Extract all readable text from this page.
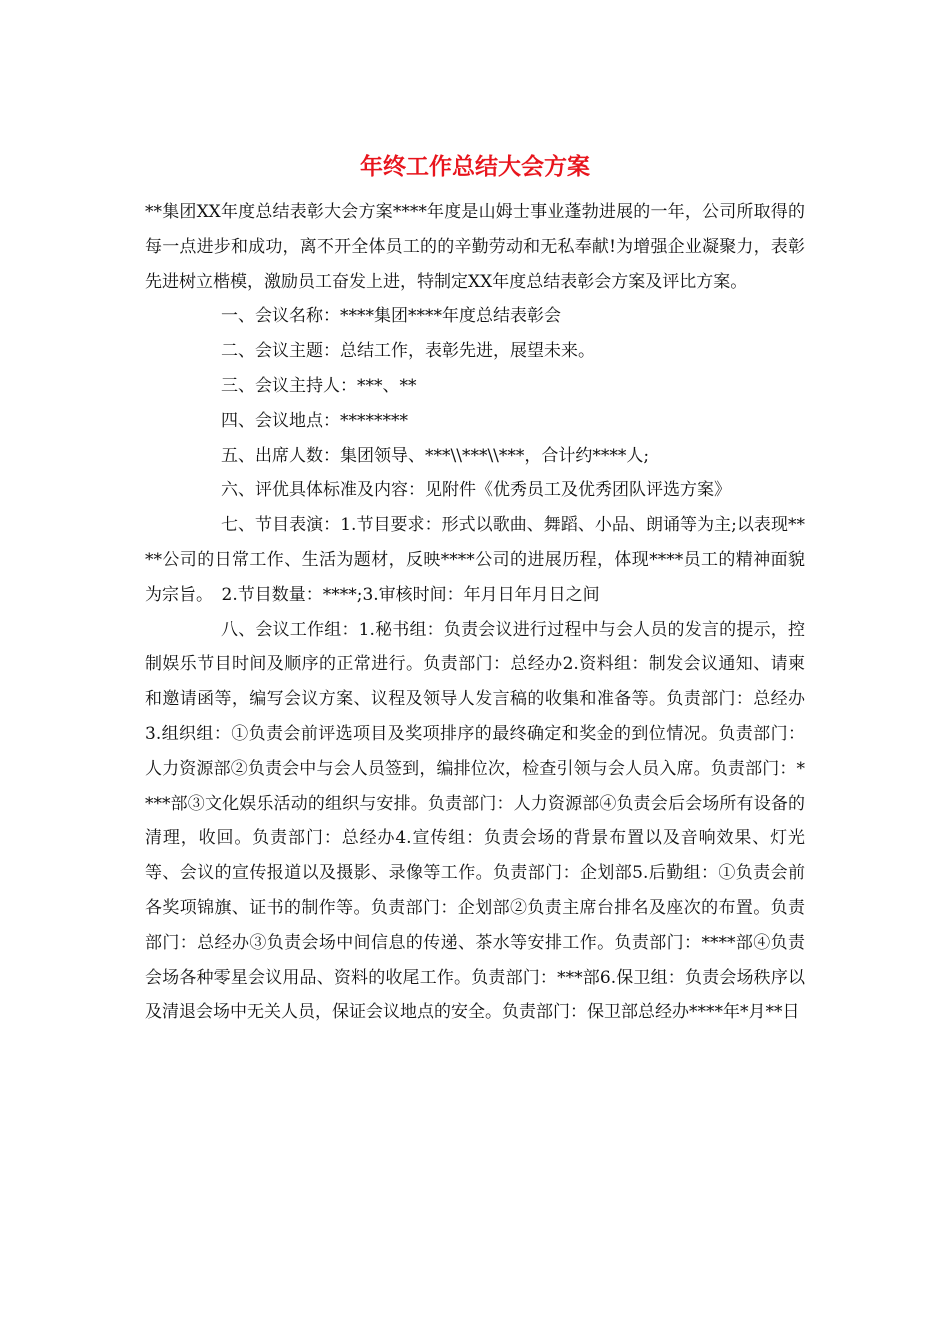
年终工作总结大会方案

**集团XX年度总结表彰大会方案****年度是山姆士事业蓬勃进展的一年，公司所取得的每一点进步和成功，离不开全体员工的的辛勤劳动和无私奉献!为增强企业凝聚力，表彰先进树立楷模，激励员工奋发上进，特制定XX年度总结表彰会方案及评比方案。

一、会议名称：****集团****年度总结表彰会

二、会议主题：总结工作，表彰先进，展望未来。

三、会议主持人：***、**

四、会议地点：********

五、出席人数：集团领导、***\\***\\***，合计约****人;

六、评优具体标准及内容：见附件《优秀员工及优秀团队评选方案》

七、节目表演：1.节目要求：形式以歌曲、舞蹈、小品、朗诵等为主;以表现****公司的日常工作、生活为题材，反映****公司的进展历程，体现****员工的精神面貌为宗旨。　2.节目数量：****;3.审核时间：年月日年月日之间

八、会议工作组：1.秘书组：负责会议进行过程中与会人员的发言的提示，控制娱乐节目时间及顺序的正常进行。负责部门：总经办2.资料组：制发会议通知、请柬和邀请函等，编写会议方案、议程及领导人发言稿的收集和准备等。负责部门：总经办3.组织组：①负责会前评选项目及奖项排序的最终确定和奖金的到位情况。负责部门：人力资源部②负责会中与会人员签到，编排位次，检查引领与会人员入席。负责部门：****部③文化娱乐活动的组织与安排。负责部门：人力资源部④负责会后会场所有设备的清理，收回。负责部门：总经办4.宣传组：负责会场的背景布置以及音响效果、灯光等、会议的宣传报道以及摄影、录像等工作。负责部门：企划部5.后勤组：①负责会前各奖项锦旗、证书的制作等。负责部门：企划部②负责主席台排名及座次的布置。负责部门：总经办③负责会场中间信息的传递、茶水等安排工作。负责部门：****部④负责会场各种零星会议用品、资料的收尾工作。负责部门：***部6.保卫组：负责会场秩序以及清退会场中无关人员，保证会议地点的安全。负责部门：保卫部总经办****年*月**日
